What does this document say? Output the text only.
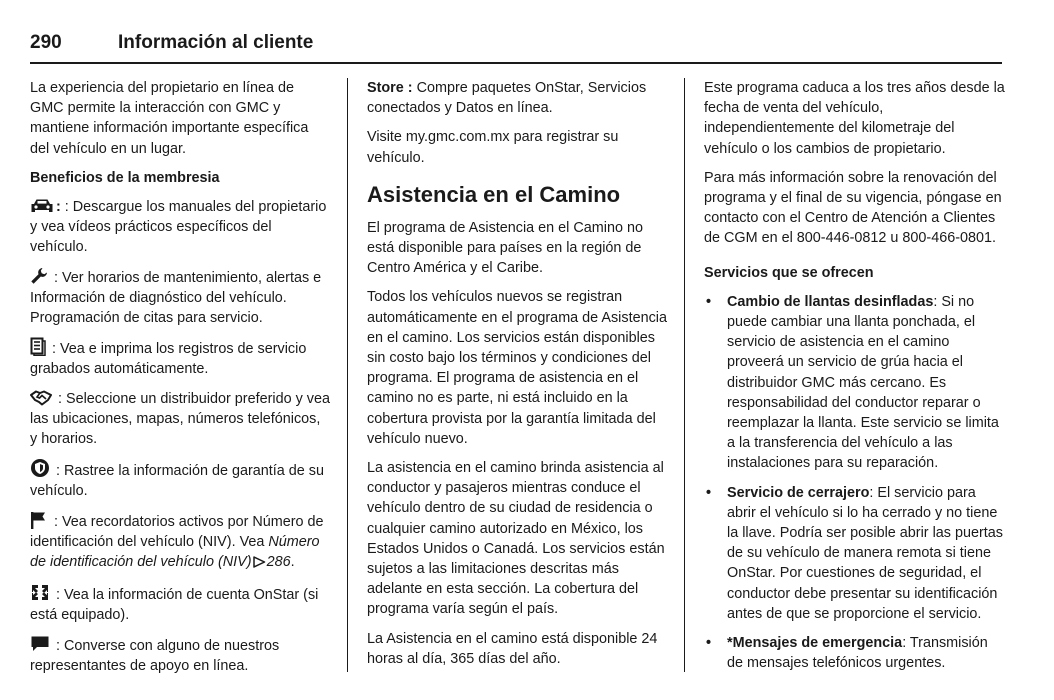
290	Información al cliente

La experiencia del propietario en línea de GMC permite la interacción con GMC y mantiene información importante específica del vehículo en un lugar.

Beneficios de la membresia

: : Descargue los manuales del propietario y vea vídeos prácticos específicos del vehículo.

: Ver horarios de mantenimiento, alertas e Información de diagnóstico del vehículo. Programación de citas para servicio.

: Vea e imprima los registros de servicio grabados automáticamente.

: Seleccione un distribuidor preferido y vea las ubicaciones, mapas, números telefónicos, y horarios.

: Rastree la información de garantía de su vehículo.

: Vea recordatorios activos por Número de identificación del vehículo (NIV). Vea Número de identificación del vehículo (NIV) 286.

: Vea la información de cuenta OnStar (si está equipado).

: Converse con alguno de nuestros representantes de apoyo en línea.

Store : Compre paquetes OnStar, Servicios conectados y Datos en línea.

Visite my.gmc.com.mx para registrar su vehículo.

Asistencia en el Camino

El programa de Asistencia en el Camino no está disponible para países en la región de Centro América y el Caribe.

Todos los vehículos nuevos se registran automáticamente en el programa de Asistencia en el camino. Los servicios están disponibles sin costo bajo los términos y condiciones del programa. El programa de asistencia en el camino no es parte, ni está incluido en la cobertura provista por la garantía limitada del vehículo nuevo.

La asistencia en el camino brinda asistencia al conductor y pasajeros mientras conduce el vehículo dentro de su ciudad de residencia o cualquier camino autorizado en México, los Estados Unidos o Canadá. Los servicios están sujetos a las limitaciones descritas más adelante en esta sección. La cobertura del programa varía según el país.

La Asistencia en el camino está disponible 24 horas al día, 365 días del año.

Este programa caduca a los tres años desde la fecha de venta del vehículo, independientemente del kilometraje del vehículo o los cambios de propietario.

Para más información sobre la renovación del programa y el final de su vigencia, póngase en contacto con el Centro de Atención a Clientes de CGM en el 800-446-0812 u 800-466-0801.

Servicios que se ofrecen
• Cambio de llantas desinfladas: Si no puede cambiar una llanta ponchada, el servicio de asistencia en el camino proveerá un servicio de grúa hacia el distribuidor GMC más cercano. Es responsabilidad del conductor reparar o reemplazar la llanta. Este servicio se limita a la transferencia del vehículo a las instalaciones para su reparación.
• Servicio de cerrajero: El servicio para abrir el vehículo si lo ha cerrado y no tiene la llave. Podría ser posible abrir las puertas de su vehículo de manera remota si tiene OnStar. Por cuestiones de seguridad, el conductor debe presentar su identificación antes de que se proporcione el servicio.
• *Mensajes de emergencia: Transmisión de mensajes telefónicos urgentes.
